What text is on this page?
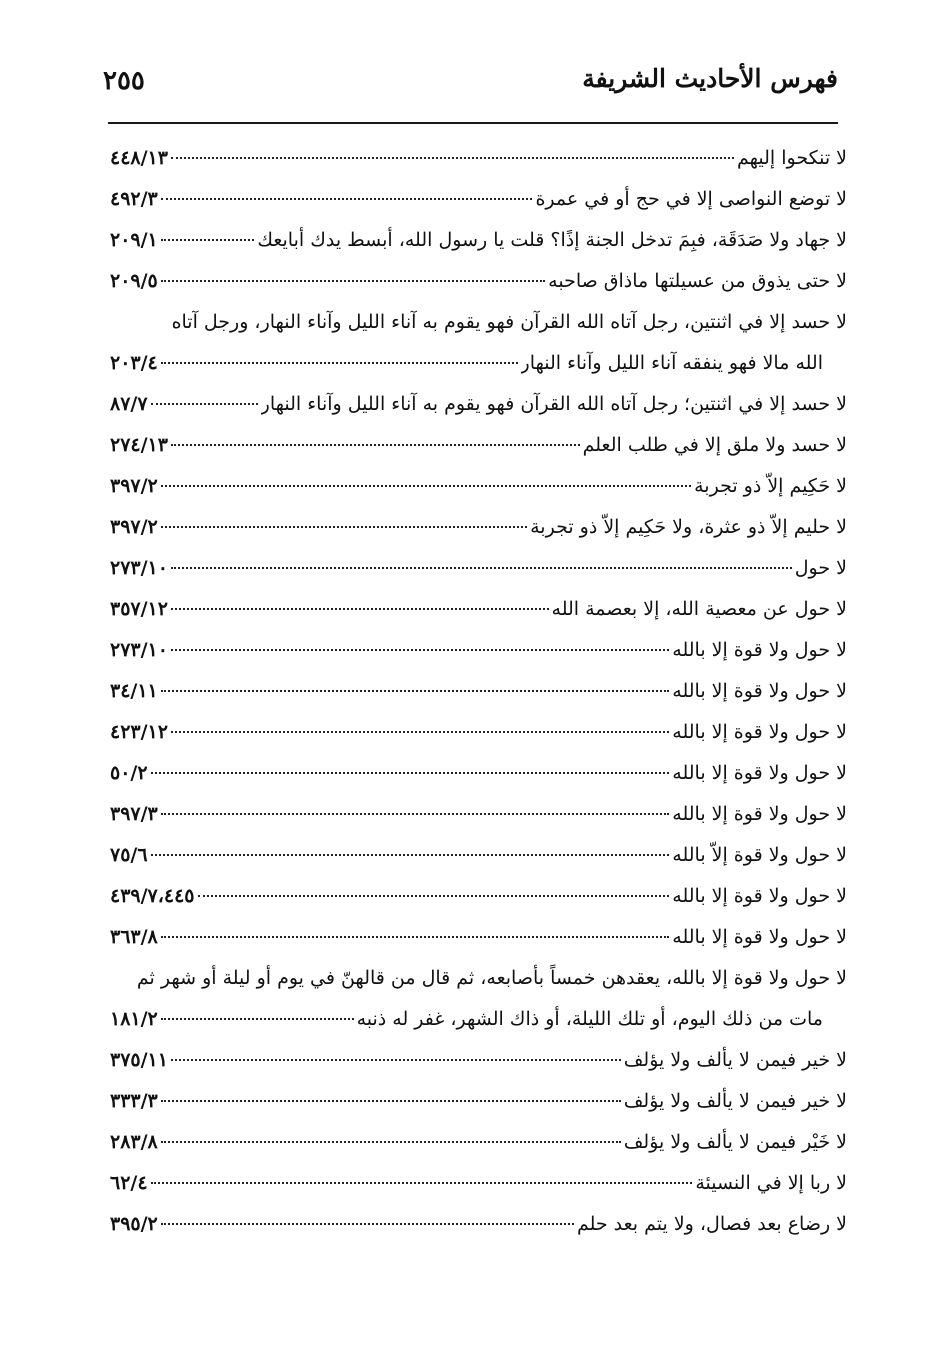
فهرس الأحاديث الشريفة
٢٥٥
لا تنكحوا إليهم
٤٤٨/١٣
لا توضع النواصى إلا في حج أو في عمرة
٤٩٢/٣
لا جهاد ولا صَدَقَة، فبِمَ تدخل الجنة إذًا؟ قلت يا رسول الله، أبسط يدك أبايعك
٢٠٩/١
لا حتى يذوق من عسيلتها ماذاق صاحبه
٢٠٩/٥
لا حسد إلا في اثنتين، رجل آتاه الله القرآن فهو يقوم به آناء الليل وآناء النهار، ورجل آتاه
الله مالا فهو ينفقه آناء الليل وآناء النهار
٢٠٣/٤
لا حسد إلا في اثنتين؛ رجل آتاه الله القرآن فهو يقوم به آناء الليل وآناء النهار
٨٧/٧
لا حسد ولا ملق إلا في طلب العلم
٢٧٤/١٣
لا حَكِيم إلاّ ذو تجربة
٣٩٧/٢
لا حليم إلاّ ذو عثرة، ولا حَكِيم إلاّ ذو تجربة
٣٩٧/٢
لا حول
٢٧٣/١٠
لا حول عن معصية الله، إلا بعصمة الله
٣٥٧/١٢
لا حول ولا قوة إلا بالله
٢٧٣/١٠
لا حول ولا قوة إلا بالله
٣٤/١١
لا حول ولا قوة إلا بالله
٤٢٣/١٢
لا حول ولا قوة إلا بالله
٥٠/٢
لا حول ولا قوة إلا بالله
٣٩٧/٣
لا حول ولا قوة إلاّ بالله
٧٥/٦
لا حول ولا قوة إلا بالله
٤٣٩/٧،٤٤٥
لا حول ولا قوة إلا بالله
٣٦٣/٨
لا حول ولا قوة إلا بالله، يعقدهن خمساً بأصابعه، ثم قال من قالهنّ في يوم أو ليلة أو شهر ثم
مات من ذلك اليوم، أو تلك الليلة، أو ذاك الشهر، غفر له ذنبه
١٨١/٢
لا خير فيمن لا يألف ولا يؤلف
٣٧٥/١١
لا خير فيمن لا يألف ولا يؤلف
٣٣٣/٣
لا خَيْر فيمن لا يألف ولا يؤلف
٢٨٣/٨
لا ربا إلا في النسيئة
٦٢/٤
لا رضاع بعد فصال، ولا يتم بعد حلم
٣٩٥/٢
